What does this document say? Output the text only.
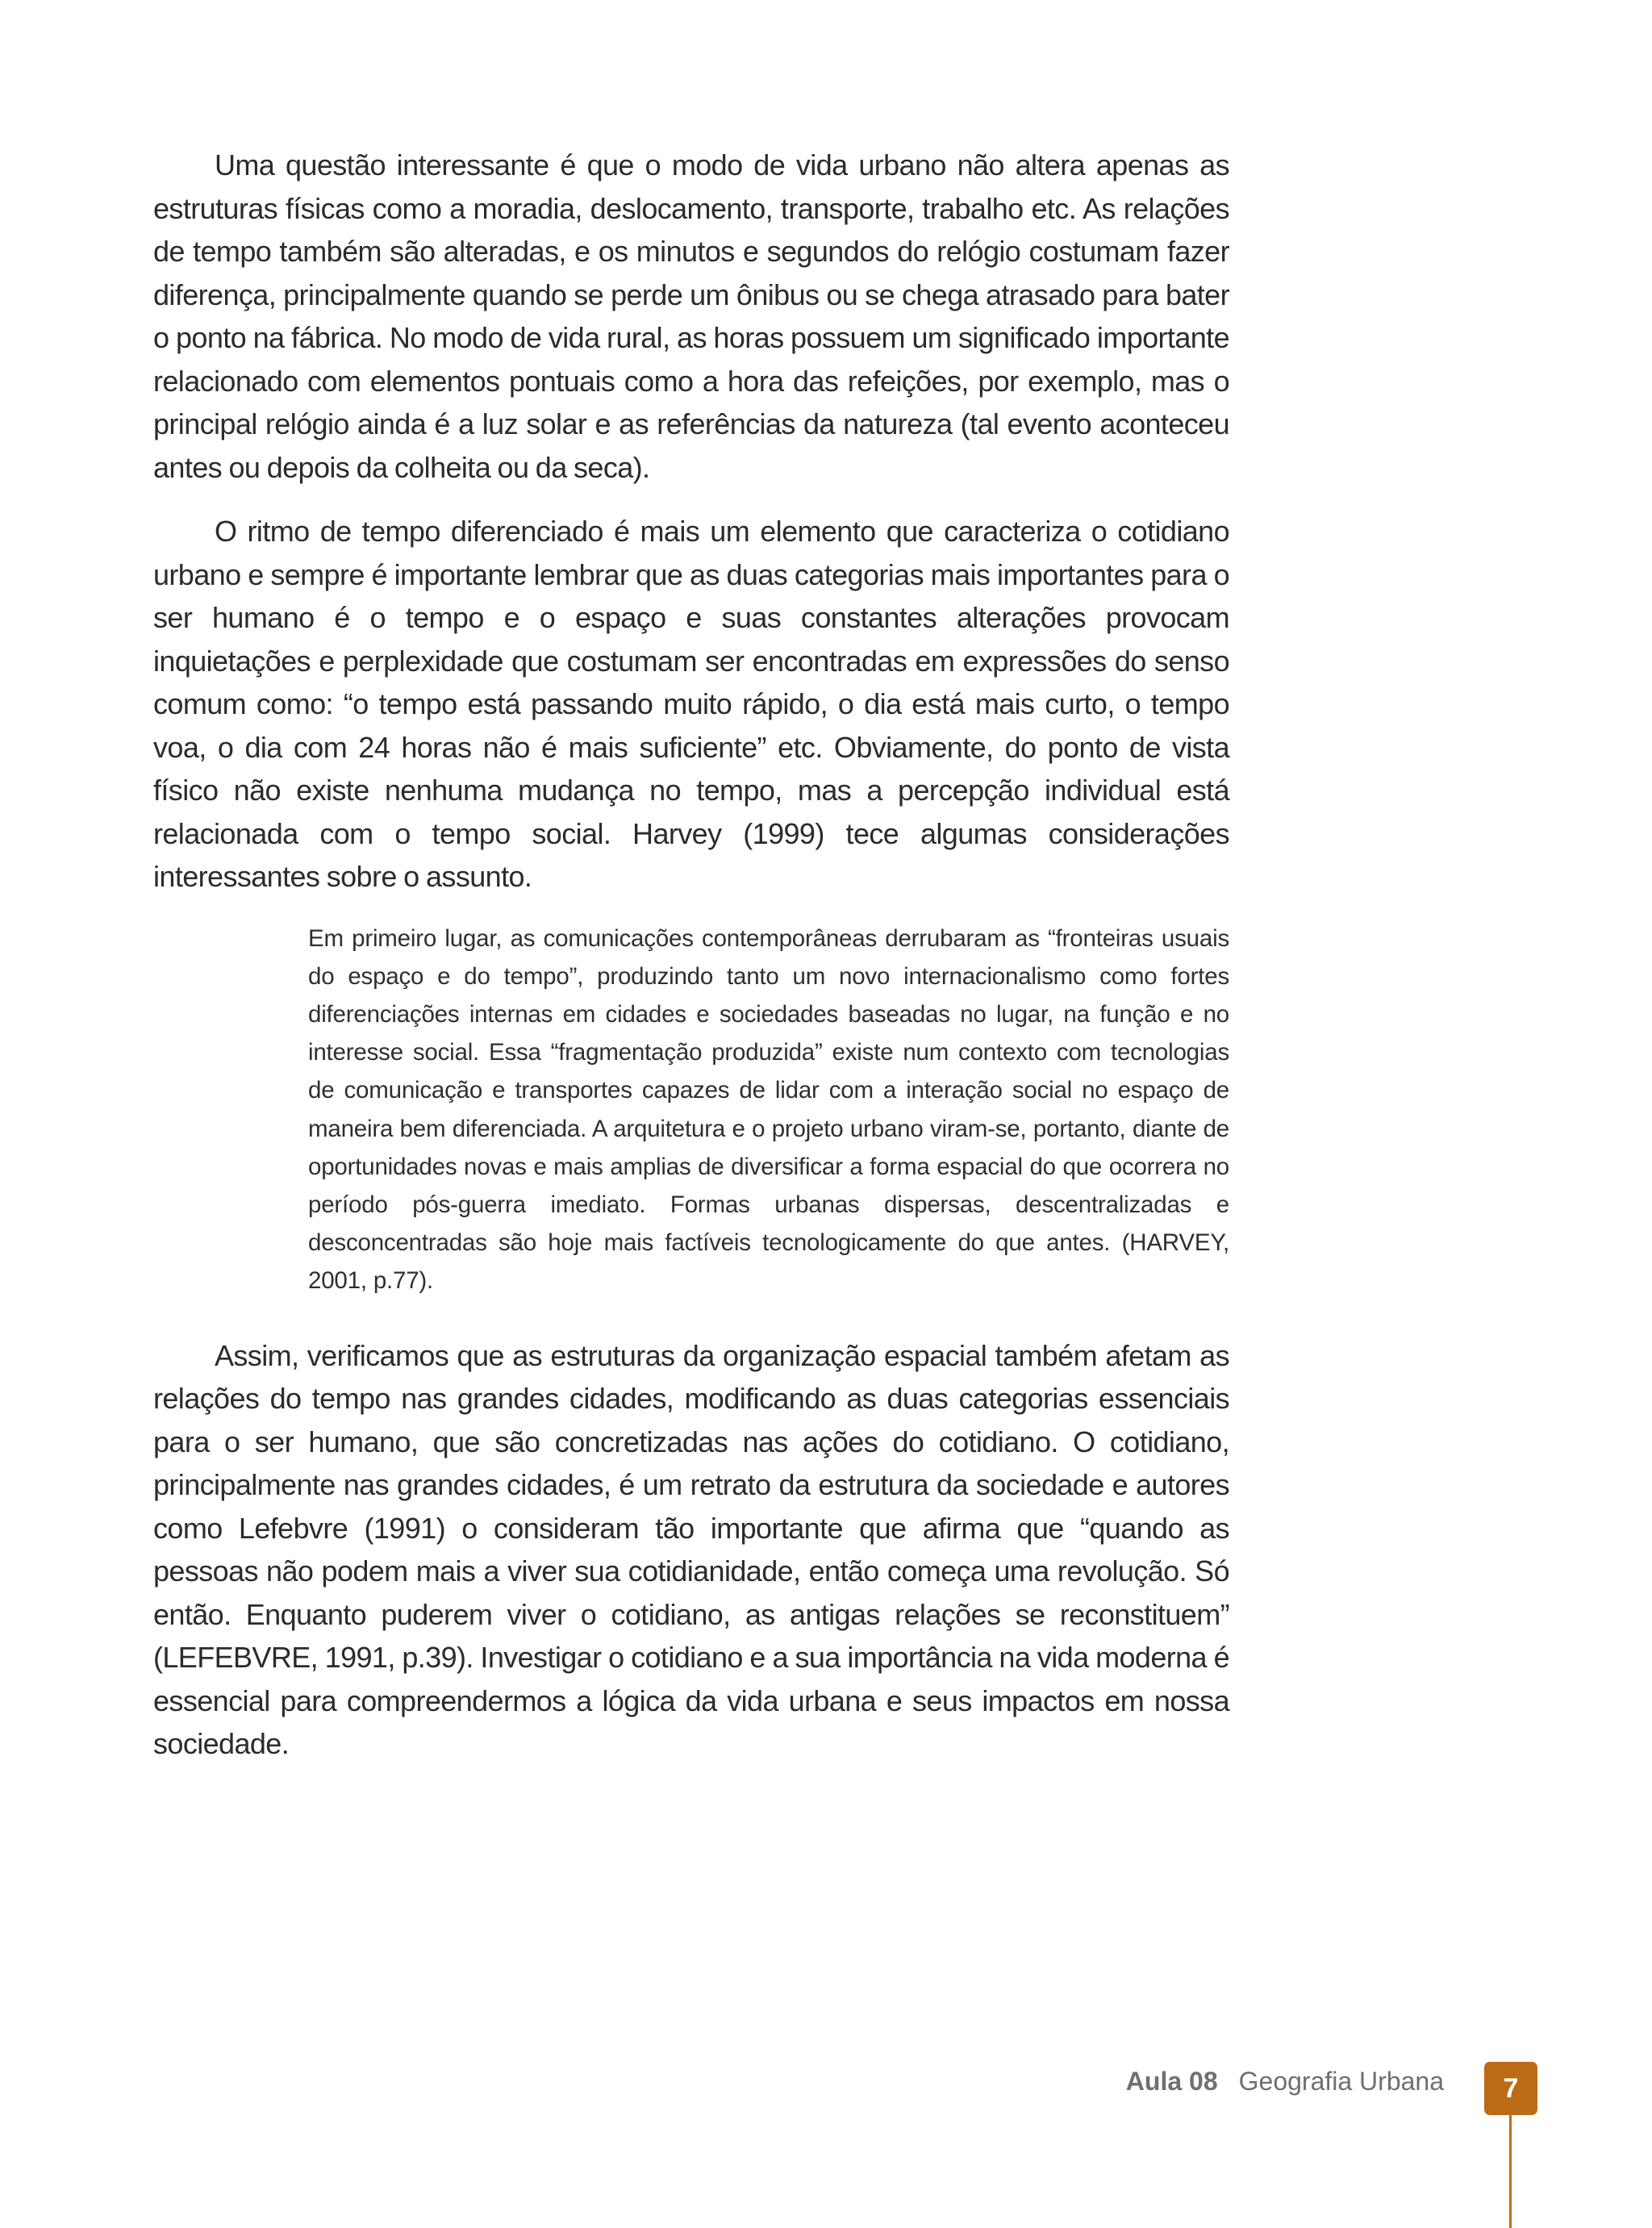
Uma questão interessante é que o modo de vida urbano não altera apenas as estruturas físicas como a moradia, deslocamento, transporte, trabalho etc. As relações de tempo também são alteradas, e os minutos e segundos do relógio costumam fazer diferença, principalmente quando se perde um ônibus ou se chega atrasado para bater o ponto na fábrica. No modo de vida rural, as horas possuem um significado importante relacionado com elementos pontuais como a hora das refeições, por exemplo, mas o principal relógio ainda é a luz solar e as referências da natureza (tal evento aconteceu antes ou depois da colheita ou da seca).

O ritmo de tempo diferenciado é mais um elemento que caracteriza o cotidiano urbano e sempre é importante lembrar que as duas categorias mais importantes para o ser humano é o tempo e o espaço e suas constantes alterações provocam inquietações e perplexidade que costumam ser encontradas em expressões do senso comum como: “o tempo está passando muito rápido, o dia está mais curto, o tempo voa, o dia com 24 horas não é mais suficiente” etc. Obviamente, do ponto de vista físico não existe nenhuma mudança no tempo, mas a percepção individual está relacionada com o tempo social. Harvey (1999) tece algumas considerações interessantes sobre o assunto.

Em primeiro lugar, as comunicações contemporâneas derrubaram as “fronteiras usuais do espaço e do tempo”, produzindo tanto um novo internacionalismo como fortes diferenciações internas em cidades e sociedades baseadas no lugar, na função e no interesse social. Essa “fragmentação produzida” existe num contexto com tecnologias de comunicação e transportes capazes de lidar com a interação social no espaço de maneira bem diferenciada. A arquitetura e o projeto urbano viram-se, portanto, diante de oportunidades novas e mais amplias de diversificar a forma espacial do que ocorrera no período pós-guerra imediato. Formas urbanas dispersas, descentralizadas e desconcentradas são hoje mais factíveis tecnologicamente do que antes. (HARVEY, 2001, p.77).

Assim, verificamos que as estruturas da organização espacial também afetam as relações do tempo nas grandes cidades, modificando as duas categorias essenciais para o ser humano, que são concretizadas nas ações do cotidiano. O cotidiano, principalmente nas grandes cidades, é um retrato da estrutura da sociedade e autores como Lefebvre (1991) o consideram tão importante que afirma que “quando as pessoas não podem mais a viver sua cotidianidade, então começa uma revolução. Só então. Enquanto puderem viver o cotidiano, as antigas relações se reconstituem” (LEFEBVRE, 1991, p.39). Investigar o cotidiano e a sua importância na vida moderna é essencial para compreendermos a lógica da vida urbana e seus impactos em nossa sociedade.

Aula 08 Geografia Urbana 7
